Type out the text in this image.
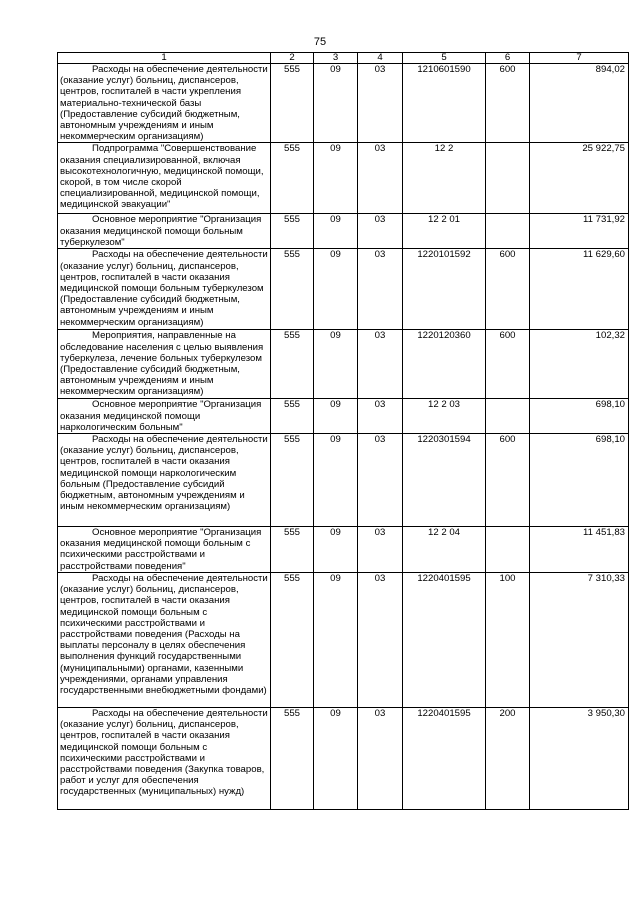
75
1	2	3	4	5	6	7
Расходы на обеспечение деятельности (оказание услуг) больниц, диспансеров, центров, госпиталей в части укрепления материально-технической базы (Предоставление субсидий бюджетным, автономным учреждениям и иным некоммерческим организациям)	555	09	03	1210601590	600	894,02
Подпрограмма "Совершенствование оказания специализированной, включая высокотехнологичную, медицинской помощи, скорой, в том числе скорой специализированной, медицинской помощи, медицинской эвакуации"	555	09	03	12 2		25 922,75
Основное мероприятие "Организация оказания медицинской помощи больным туберкулезом"	555	09	03	12 2 01		11 731,92
Расходы на обеспечение деятельности (оказание услуг) больниц, диспансеров, центров, госпиталей в части оказания медицинской помощи больным туберкулезом (Предоставление субсидий бюджетным, автономным учреждениям и иным некоммерческим организациям)	555	09	03	1220101592	600	11 629,60
Мероприятия, направленные на обследование населения с целью выявления туберкулеза, лечение больных туберкулезом (Предоставление субсидий бюджетным, автономным учреждениям и иным некоммерческим организациям)	555	09	03	1220120360	600	102,32
Основное мероприятие "Организация оказания медицинской помощи наркологическим больным"	555	09	03	12 2 03		698,10
Расходы на обеспечение деятельности (оказание услуг) больниц, диспансеров, центров, госпиталей в части оказания медицинской помощи наркологическим больным (Предоставление субсидий бюджетным, автономным учреждениям и иным некоммерческим организациям)	555	09	03	1220301594	600	698,10
Основное мероприятие "Организация оказания медицинской помощи больным с психическими расстройствами и расстройствами поведения"	555	09	03	12 2 04		11 451,83
Расходы на обеспечение деятельности (оказание услуг) больниц, диспансеров, центров, госпиталей в части оказания медицинской помощи больным с психическими расстройствами и расстройствами поведения (Расходы на выплаты персоналу в целях обеспечения выполнения функций государственными (муниципальными) органами, казенными учреждениями, органами управления государственными внебюджетными фондами)	555	09	03	1220401595	100	7 310,33
Расходы на обеспечение деятельности (оказание услуг) больниц, диспансеров, центров, госпиталей в части оказания медицинской помощи больным с психическими расстройствами и расстройствами поведения (Закупка товаров, работ и услуг для обеспечения государственных (муниципальных) нужд)	555	09	03	1220401595	200	3 950,30
